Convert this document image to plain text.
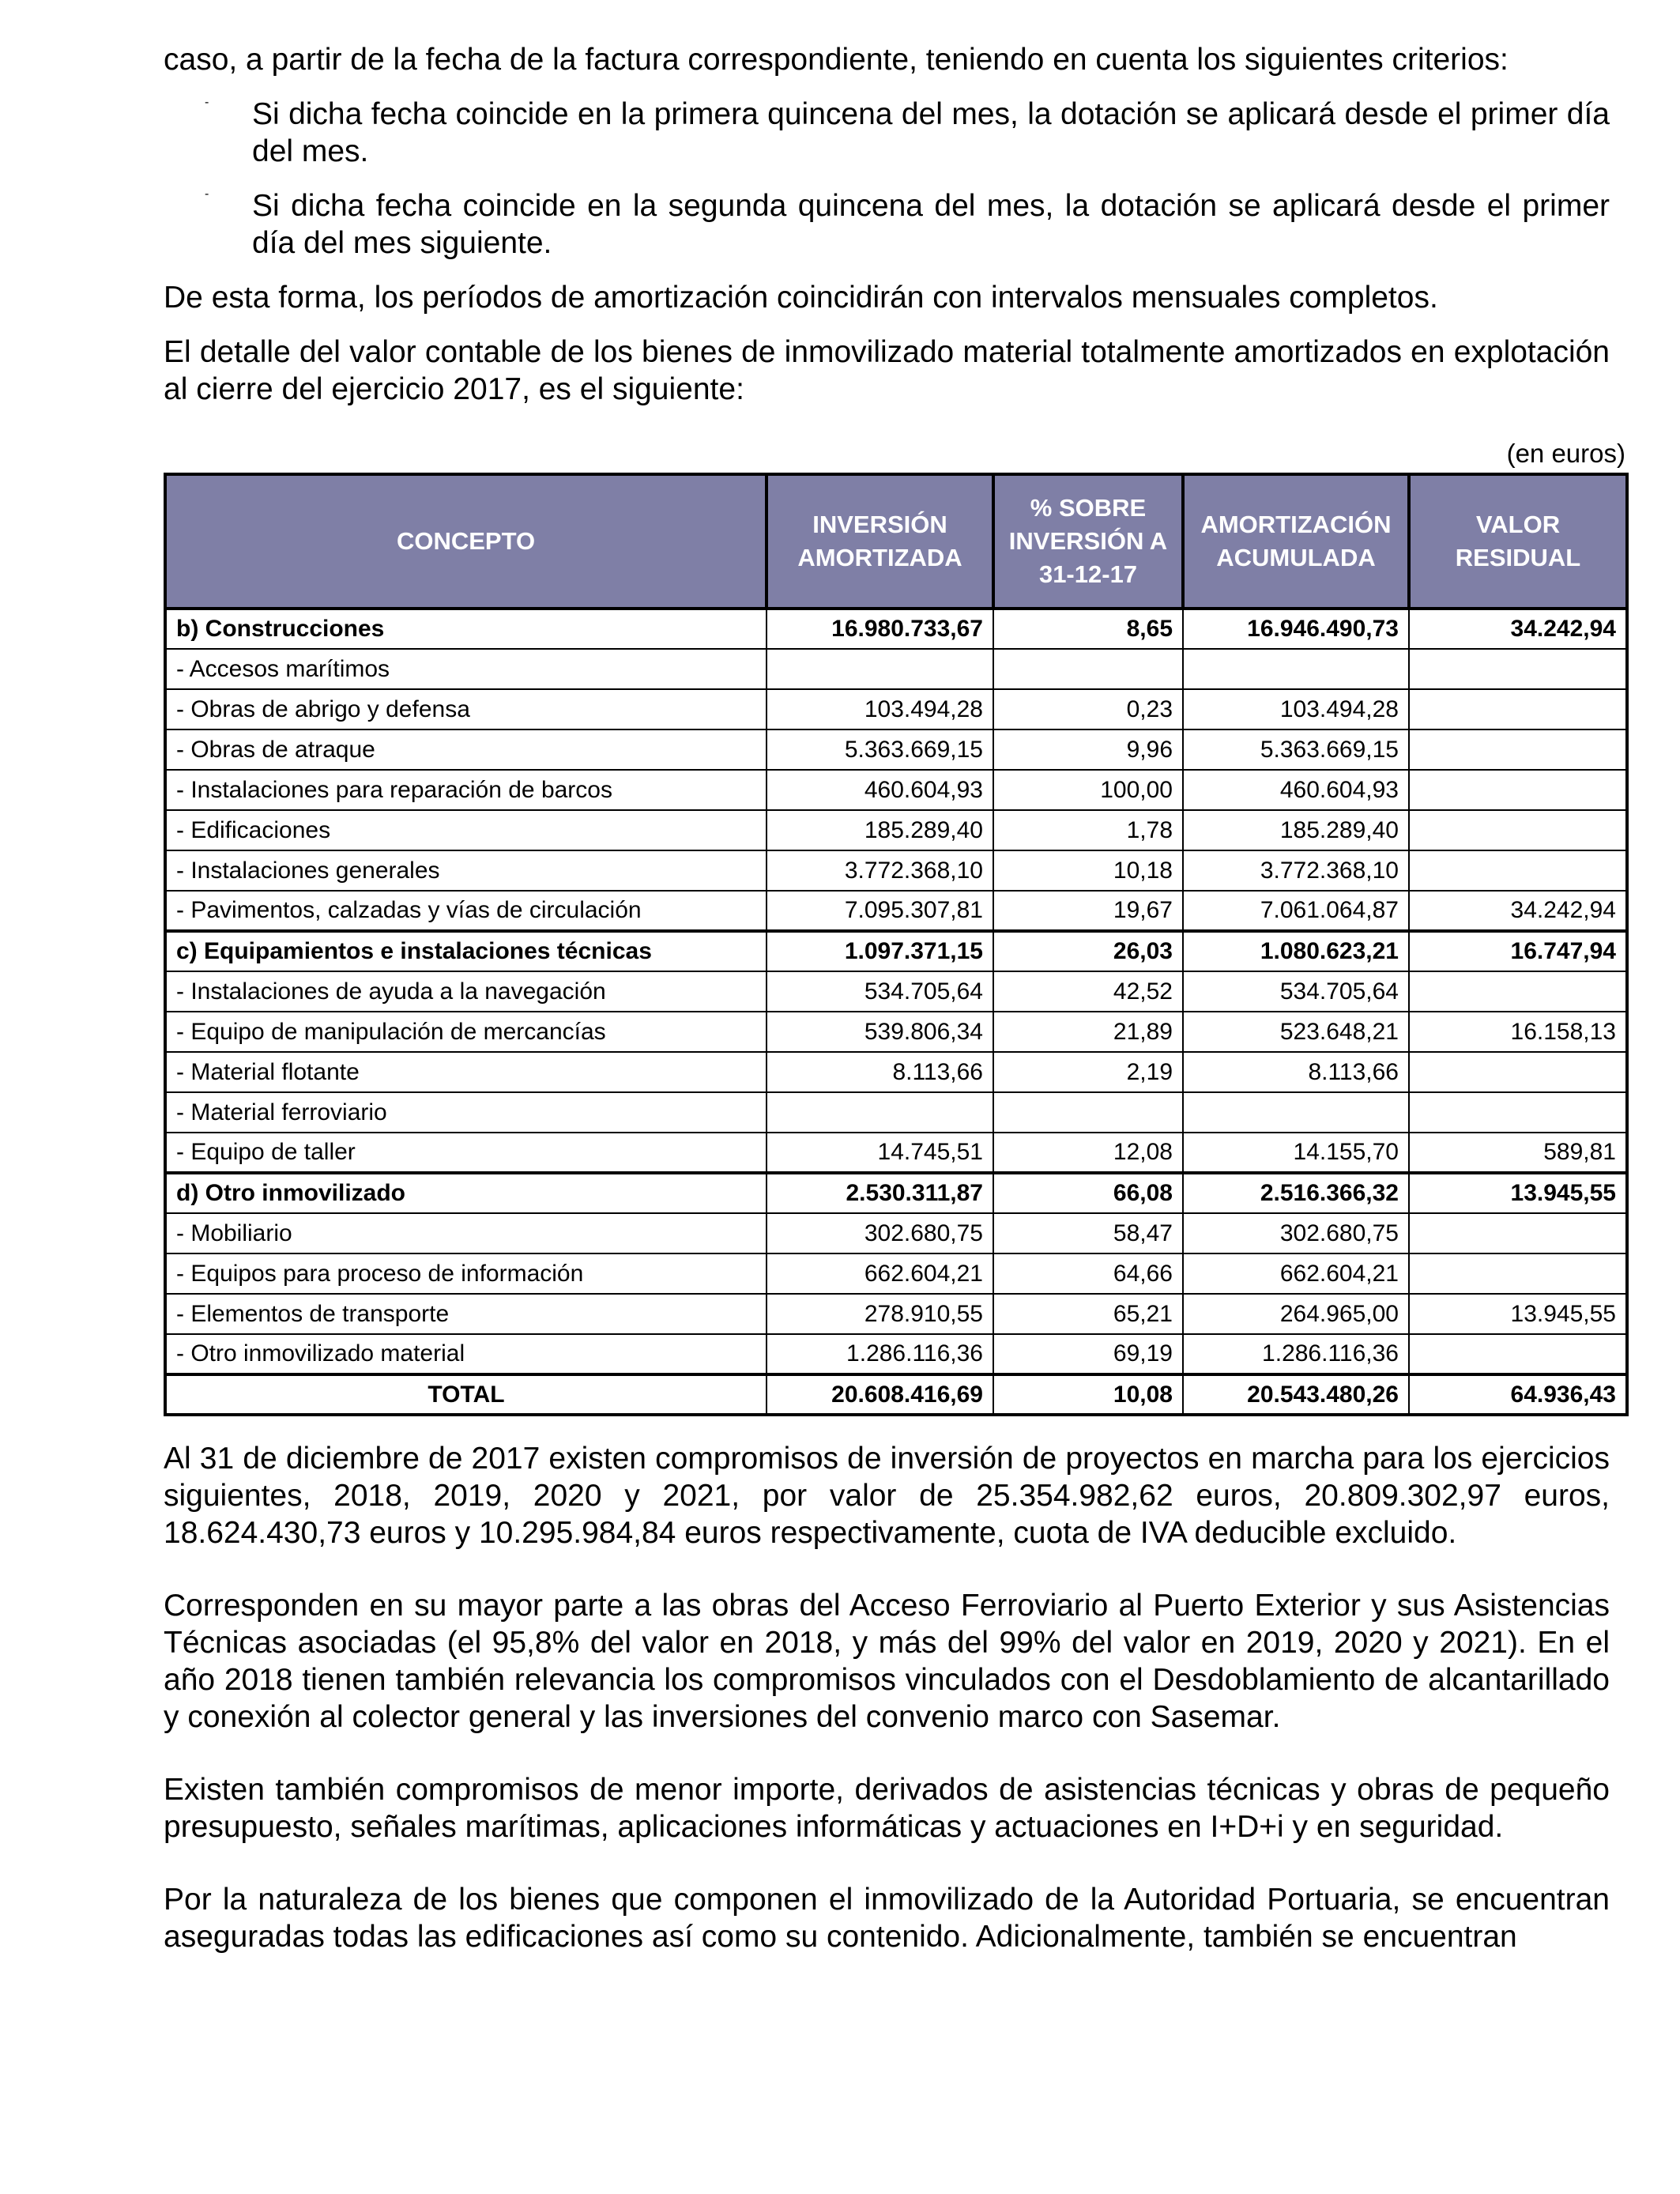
caso, a partir de la fecha de la factura correspondiente, teniendo en cuenta los siguientes criterios:

- Si dicha fecha coincide en la primera quincena del mes, la dotación se aplicará desde el primer día del mes.

- Si dicha fecha coincide en la segunda quincena del mes, la dotación se aplicará desde el primer día del mes siguiente.

De esta forma, los períodos de amortización coincidirán con intervalos mensuales completos.

El detalle del valor contable de los bienes de inmovilizado material totalmente amortizados en explotación al cierre del ejercicio 2017, es el siguiente:

(en euros)
CONCEPTO	INVERSIÓN AMORTIZADA	% SOBRE INVERSIÓN A 31-12-17	AMORTIZACIÓN ACUMULADA	VALOR RESIDUAL
b) Construcciones	16.980.733,67	8,65	16.946.490,73	34.242,94
- Accesos marítimos				
- Obras de abrigo y defensa	103.494,28	0,23	103.494,28	
- Obras de atraque	5.363.669,15	9,96	5.363.669,15	
- Instalaciones para reparación de barcos	460.604,93	100,00	460.604,93	
- Edificaciones	185.289,40	1,78	185.289,40	
- Instalaciones generales	3.772.368,10	10,18	3.772.368,10	
- Pavimentos, calzadas y vías de circulación	7.095.307,81	19,67	7.061.064,87	34.242,94
c) Equipamientos e instalaciones técnicas	1.097.371,15	26,03	1.080.623,21	16.747,94
- Instalaciones de ayuda a la navegación	534.705,64	42,52	534.705,64	
- Equipo de manipulación de mercancías	539.806,34	21,89	523.648,21	16.158,13
- Material flotante	8.113,66	2,19	8.113,66	
- Material ferroviario				
- Equipo de taller	14.745,51	12,08	14.155,70	589,81
d) Otro inmovilizado	2.530.311,87	66,08	2.516.366,32	13.945,55
- Mobiliario	302.680,75	58,47	302.680,75	
- Equipos para proceso de información	662.604,21	64,66	662.604,21	
- Elementos de transporte	278.910,55	65,21	264.965,00	13.945,55
- Otro inmovilizado material	1.286.116,36	69,19	1.286.116,36	
TOTAL	20.608.416,69	10,08	20.543.480,26	64.936,43

Al 31 de diciembre de 2017 existen compromisos de inversión de proyectos en marcha para los ejercicios siguientes, 2018, 2019, 2020 y 2021, por valor de 25.354.982,62 euros, 20.809.302,97 euros, 18.624.430,73 euros y 10.295.984,84 euros respectivamente, cuota de IVA deducible excluido.

Corresponden en su mayor parte a las obras del Acceso Ferroviario al Puerto Exterior y sus Asistencias Técnicas asociadas (el 95,8% del valor en 2018, y más del 99% del valor en 2019, 2020 y 2021). En el año 2018 tienen también relevancia los compromisos vinculados con el Desdoblamiento de alcantarillado y conexión al colector general y las inversiones del convenio marco con Sasemar.

Existen también compromisos de menor importe, derivados de asistencias técnicas y obras de pequeño presupuesto, señales marítimas, aplicaciones informáticas y actuaciones en I+D+i y en seguridad.

Por la naturaleza de los bienes que componen el inmovilizado de la Autoridad Portuaria, se encuentran aseguradas todas las edificaciones así como su contenido. Adicionalmente, también se encuentran
